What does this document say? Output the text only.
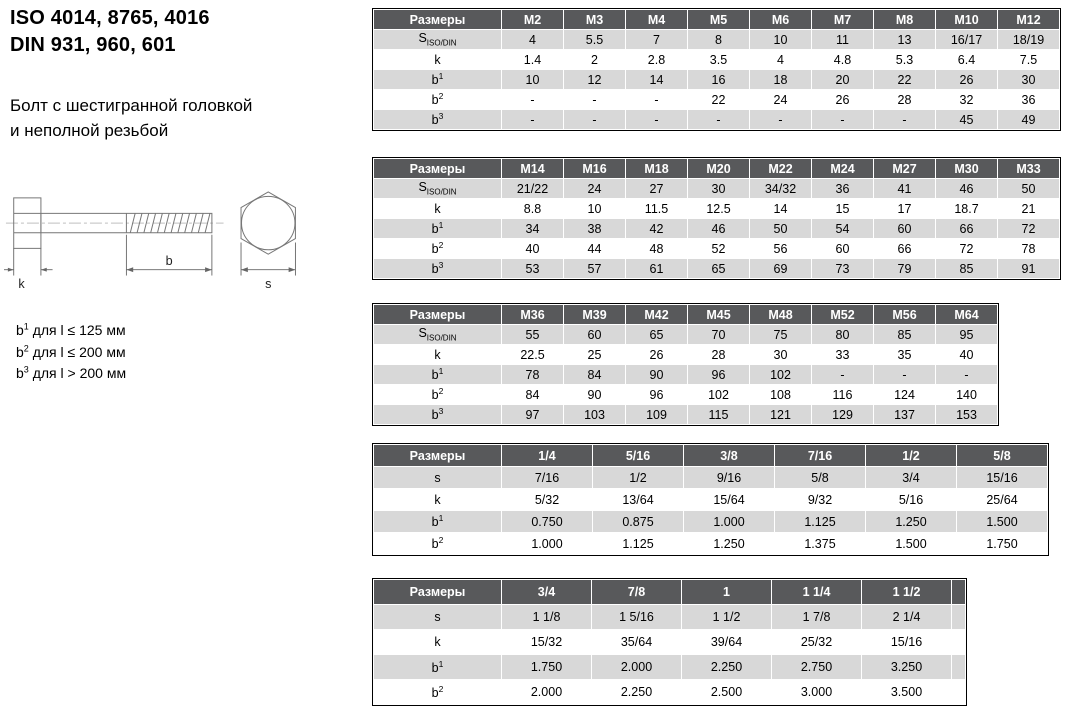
ISO 4014, 8765, 4016
DIN 931, 960, 601
Болт с шестигранной головкой
и неполной резьбой
k
b
s
$b^1$ для l ≤ 125 мм
$b^2$ для l ≤ 200 мм
$b^3$ для l > 200 мм
Размеры	M2	M3	M4	M5	M6	M7	M8	M10	M12
$S_{ISO/DIN}$	4	5.5	7	8	10	11	13	16/17	18/19
k	1.4	2	2.8	3.5	4	4.8	5.3	6.4	7.5
$b^1$	10	12	14	16	18	20	22	26	30
$b^2$	-	-	-	22	24	26	28	32	36
$b^3$	-	-	-	-	-	-	-	45	49
Размеры	M14	M16	M18	M20	M22	M24	M27	M30	M33
$S_{ISO/DIN}$	21/22	24	27	30	34/32	36	41	46	50
k	8.8	10	11.5	12.5	14	15	17	18.7	21
$b^1$	34	38	42	46	50	54	60	66	72
$b^2$	40	44	48	52	56	60	66	72	78
$b^3$	53	57	61	65	69	73	79	85	91
Размеры	M36	M39	M42	M45	M48	M52	M56	M64
$S_{ISO/DIN}$	55	60	65	70	75	80	85	95
k	22.5	25	26	28	30	33	35	40
$b^1$	78	84	90	96	102	-	-	-
$b^2$	84	90	96	102	108	116	124	140
$b^3$	97	103	109	115	121	129	137	153
Размеры	1/4	5/16	3/8	7/16	1/2	5/8
s	7/16	1/2	9/16	5/8	3/4	15/16
k	5/32	13/64	15/64	9/32	5/16	25/64
$b^1$	0.750	0.875	1.000	1.125	1.250	1.500
$b^2$	1.000	1.125	1.250	1.375	1.500	1.750
Размеры	3/4	7/8	1	1 1/4	1 1/2	
s	1 1/8	1 5/16	1 1/2	1 7/8	2 1/4	
k	15/32	35/64	39/64	25/32	15/16	
$b^1$	1.750	2.000	2.250	2.750	3.250	
$b^2$	2.000	2.250	2.500	3.000	3.500	
